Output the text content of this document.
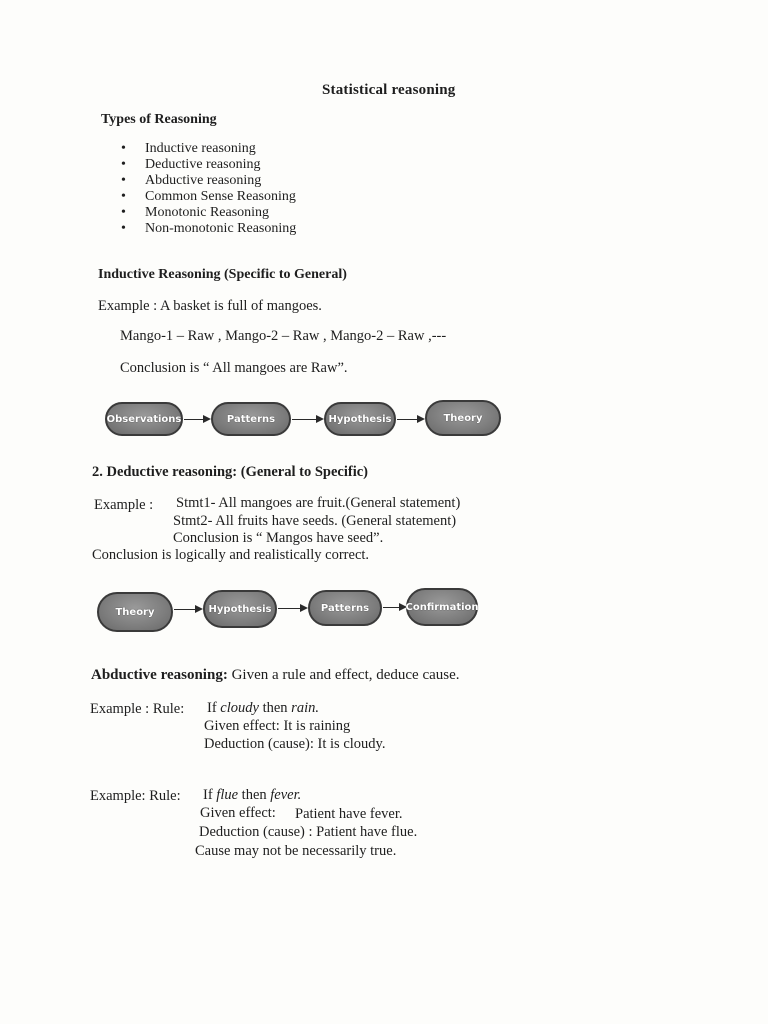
Statistical reasoning
Types of Reasoning
• Inductive reasoning
• Deductive reasoning
• Abductive reasoning
• Common Sense Reasoning
• Monotonic Reasoning
• Non-monotonic Reasoning
Inductive Reasoning (Specific to General)
Example : A basket is full of mangoes.
Mango-1 – Raw , Mango-2 – Raw , Mango-2 – Raw ,---
Conclusion is “ All mangoes are Raw”.
Observations	Patterns	Hypothesis	Theory
2. Deductive reasoning: (General to Specific)
Example : Stmt1- All mangoes are fruit.(General statement)
Stmt2- All fruits have seeds. (General statement)
Conclusion is “ Mangos have seed”.
Conclusion is logically and realistically correct.
Theory	Hypothesis	Patterns	Confirmation
Abductive reasoning: Given a rule and effect, deduce cause.
Example : Rule: If cloudy then rain.
Given effect: It is raining
Deduction (cause): It is cloudy.
Example: Rule: If flue then fever.
Given effect: Patient have fever.
Deduction (cause) : Patient have flue.
Cause may not be necessarily true.
